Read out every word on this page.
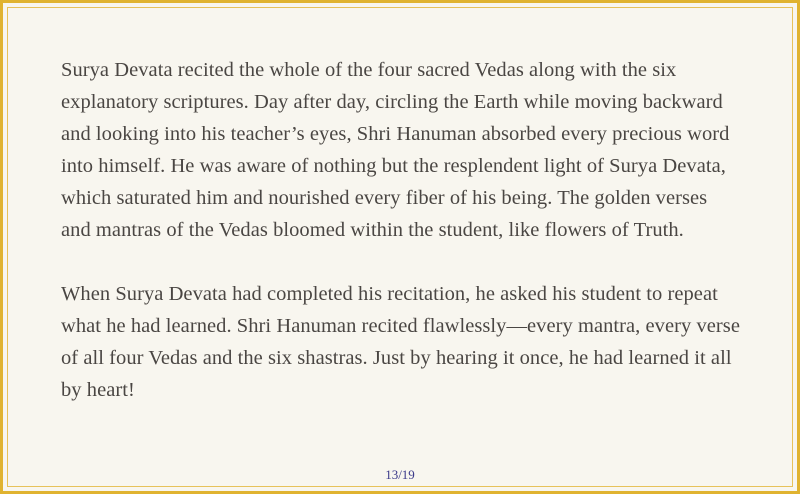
Surya Devata recited the whole of the four sacred Vedas along with the six
explanatory scriptures. Day after day, circling the Earth while moving backward
and looking into his teacher’s eyes, Shri Hanuman absorbed every precious word
into himself. He was aware of nothing but the resplendent light of Surya Devata,
which saturated him and nourished every fiber of his being. The golden verses
and mantras of the Vedas bloomed within the student, like flowers of Truth.

When Surya Devata had completed his recitation, he asked his student to repeat
what he had learned. Shri Hanuman recited flawlessly—every mantra, every verse
of all four Vedas and the six shastras. Just by hearing it once, he had learned it all
by heart!

13/19
